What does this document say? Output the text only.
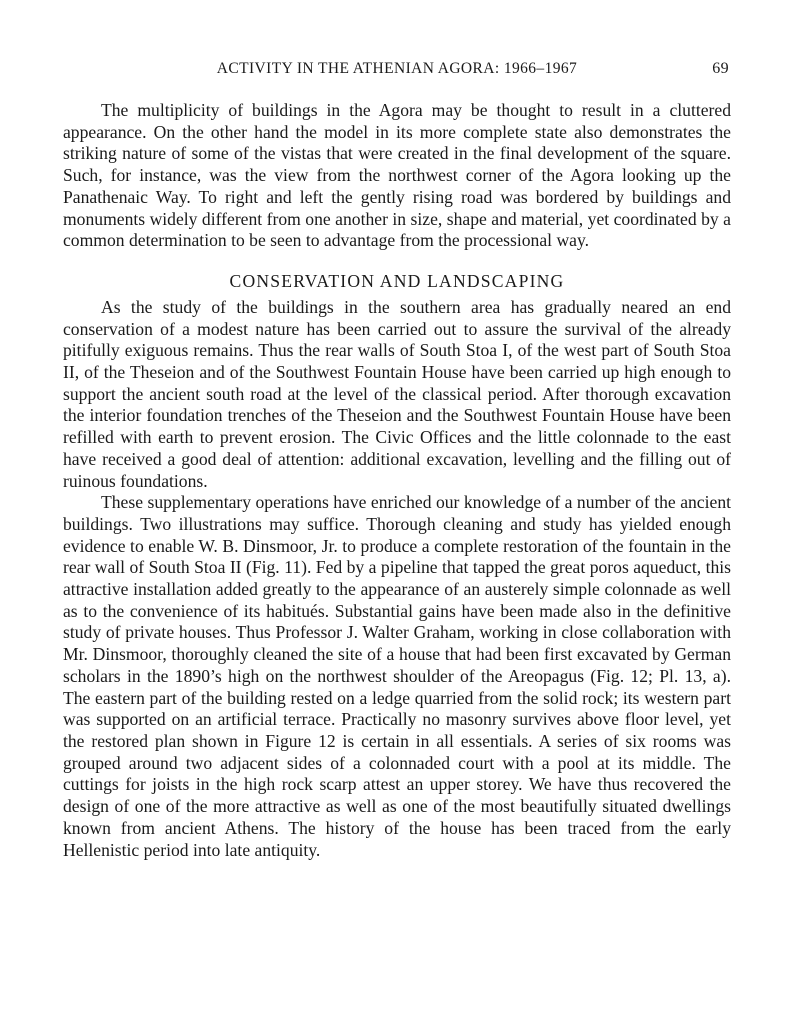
ACTIVITY IN THE ATHENIAN AGORA: 1966–1967	69

The multiplicity of buildings in the Agora may be thought to result in a cluttered appearance. On the other hand the model in its more complete state also demonstrates the striking nature of some of the vistas that were created in the final development of the square. Such, for instance, was the view from the northwest corner of the Agora looking up the Panathenaic Way. To right and left the gently rising road was bordered by buildings and monuments widely different from one another in size, shape and material, yet coordinated by a common determination to be seen to advantage from the processional way.

CONSERVATION AND LANDSCAPING

As the study of the buildings in the southern area has gradually neared an end conservation of a modest nature has been carried out to assure the survival of the already pitifully exiguous remains. Thus the rear walls of South Stoa I, of the west part of South Stoa II, of the Theseion and of the Southwest Fountain House have been carried up high enough to support the ancient south road at the level of the classical period. After thorough excavation the interior foundation trenches of the Theseion and the Southwest Fountain House have been refilled with earth to prevent erosion. The Civic Offices and the little colonnade to the east have received a good deal of attention: additional excavation, levelling and the filling out of ruinous foundations.

These supplementary operations have enriched our knowledge of a number of the ancient buildings. Two illustrations may suffice. Thorough cleaning and study has yielded enough evidence to enable W. B. Dinsmoor, Jr. to produce a complete restoration of the fountain in the rear wall of South Stoa II (Fig. 11). Fed by a pipeline that tapped the great poros aqueduct, this attractive installation added greatly to the appearance of an austerely simple colonnade as well as to the convenience of its habitués. Substantial gains have been made also in the definitive study of private houses. Thus Professor J. Walter Graham, working in close collaboration with Mr. Dinsmoor, thoroughly cleaned the site of a house that had been first excavated by German scholars in the 1890’s high on the northwest shoulder of the Areopagus (Fig. 12; Pl. 13, a). The eastern part of the building rested on a ledge quarried from the solid rock; its western part was supported on an artificial terrace. Practically no masonry survives above floor level, yet the restored plan shown in Figure 12 is certain in all essentials. A series of six rooms was grouped around two adjacent sides of a colonnaded court with a pool at its middle. The cuttings for joists in the high rock scarp attest an upper storey. We have thus recovered the design of one of the more attractive as well as one of the most beautifully situated dwellings known from ancient Athens. The history of the house has been traced from the early Hellenistic period into late antiquity.
